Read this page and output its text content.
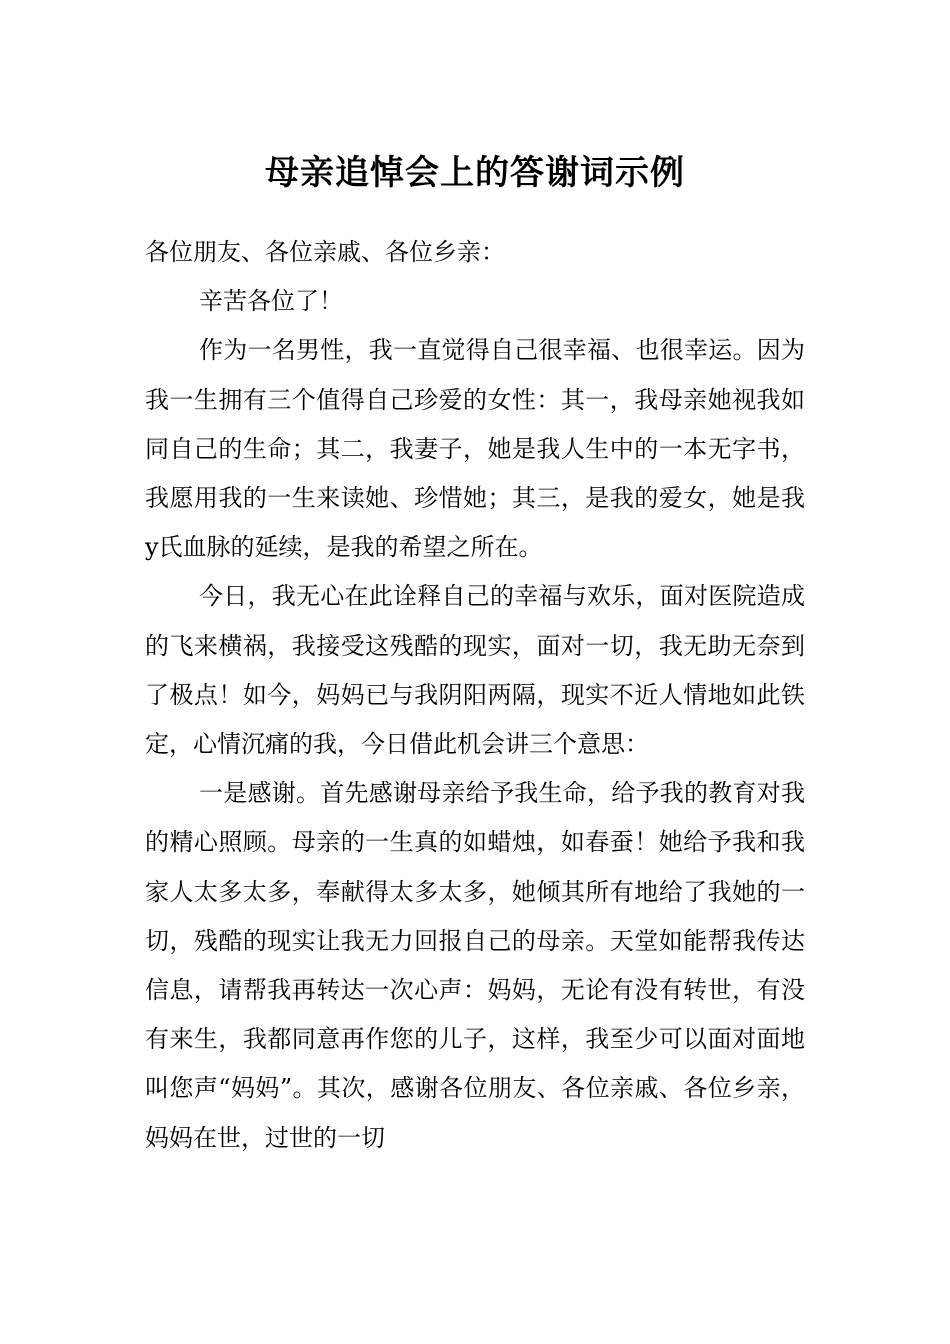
母亲追悼会上的答谢词示例

各位朋友、各位亲戚、各位乡亲：

辛苦各位了！

作为一名男性，我一直觉得自己很幸福、也很幸运。因为我一生拥有三个值得自己珍爱的女性：其一，我母亲她视我如同自己的生命；其二，我妻子，她是我人生中的一本无字书，我愿用我的一生来读她、珍惜她；其三，是我的爱女，她是我y氏血脉的延续，是我的希望之所在。

今日，我无心在此诠释自己的幸福与欢乐，面对医院造成的飞来横祸，我接受这残酷的现实，面对一切，我无助无奈到了极点！如今，妈妈已与我阴阳两隔，现实不近人情地如此铁定，心情沉痛的我，今日借此机会讲三个意思：

一是感谢。首先感谢母亲给予我生命，给予我的教育对我的精心照顾。母亲的一生真的如蜡烛，如春蚕！她给予我和我家人太多太多，奉献得太多太多，她倾其所有地给了我她的一切，残酷的现实让我无力回报自己的母亲。天堂如能帮我传达信息，请帮我再转达一次心声：妈妈，无论有没有转世，有没有来生，我都同意再作您的儿子，这样，我至少可以面对面地叫您声“妈妈”。其次，感谢各位朋友、各位亲戚、各位乡亲，妈妈在世，过世的一切
